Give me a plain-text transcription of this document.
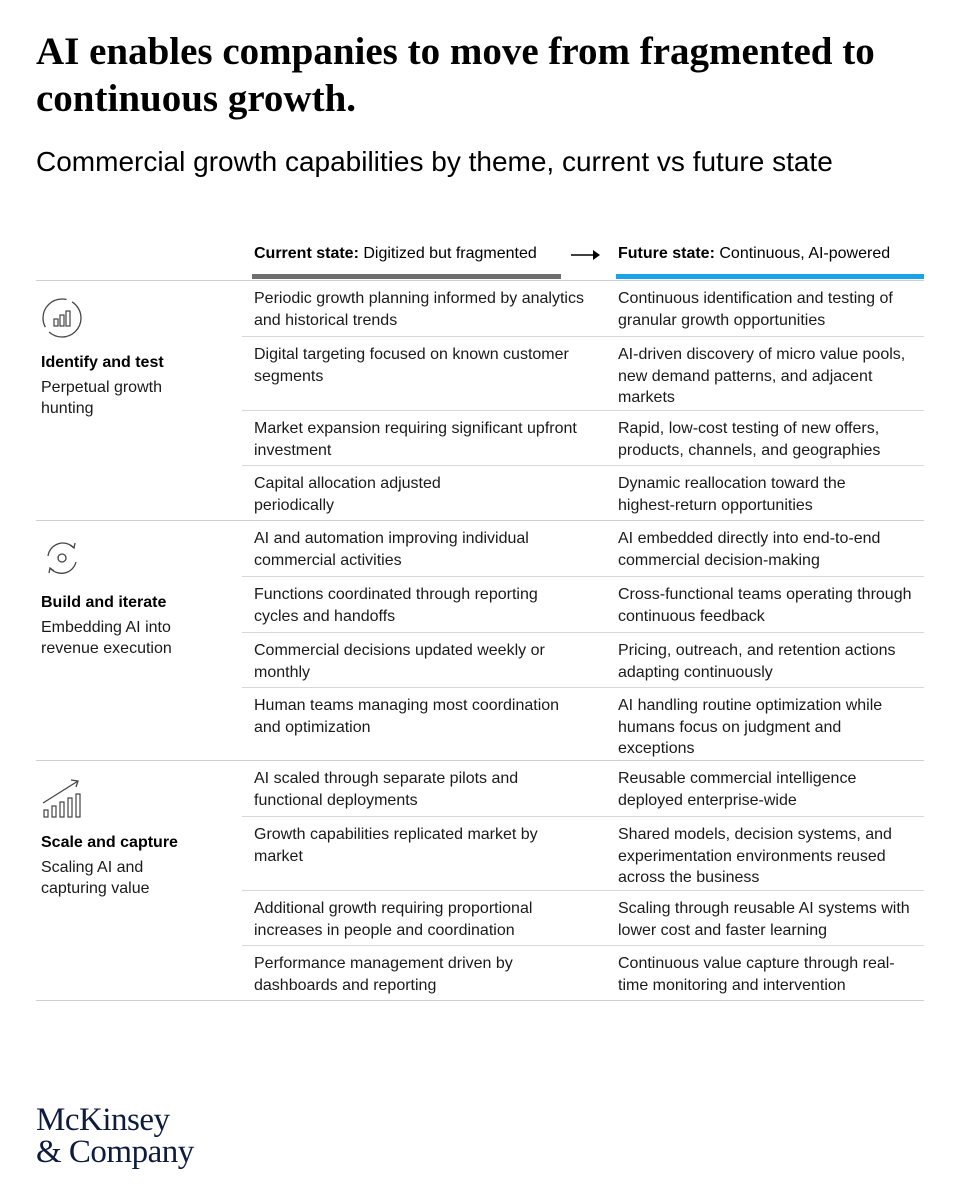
AI enables companies to move from fragmented to continuous growth.
Commercial growth capabilities by theme, current vs future state
Current state: Digitized but fragmented	Future state: Continuous, AI-powered
Identify and test
Perpetual growth hunting
Periodic growth planning informed by analytics and historical trends
Continuous identification and testing of granular growth opportunities
Digital targeting focused on known customer segments
AI-driven discovery of micro value pools, new demand patterns, and adjacent markets
Market expansion requiring significant upfront investment
Rapid, low-cost testing of new offers, products, channels, and geographies
Capital allocation adjusted periodically
Dynamic reallocation toward the highest-return opportunities
Build and iterate
Embedding AI into revenue execution
AI and automation improving individual commercial activities
AI embedded directly into end-to-end commercial decision-making
Functions coordinated through reporting cycles and handoffs
Cross-functional teams operating through continuous feedback
Commercial decisions updated weekly or monthly
Pricing, outreach, and retention actions adapting continuously
Human teams managing most coordination and optimization
AI handling routine optimization while humans focus on judgment and exceptions
Scale and capture
Scaling AI and capturing value
AI scaled through separate pilots and functional deployments
Reusable commercial intelligence deployed enterprise-wide
Growth capabilities replicated market by market
Shared models, decision systems, and experimentation environments reused across the business
Additional growth requiring proportional increases in people and coordination
Scaling through reusable AI systems with lower cost and faster learning
Performance management driven by dashboards and reporting
Continuous value capture through real-time monitoring and intervention
McKinsey
& Company
